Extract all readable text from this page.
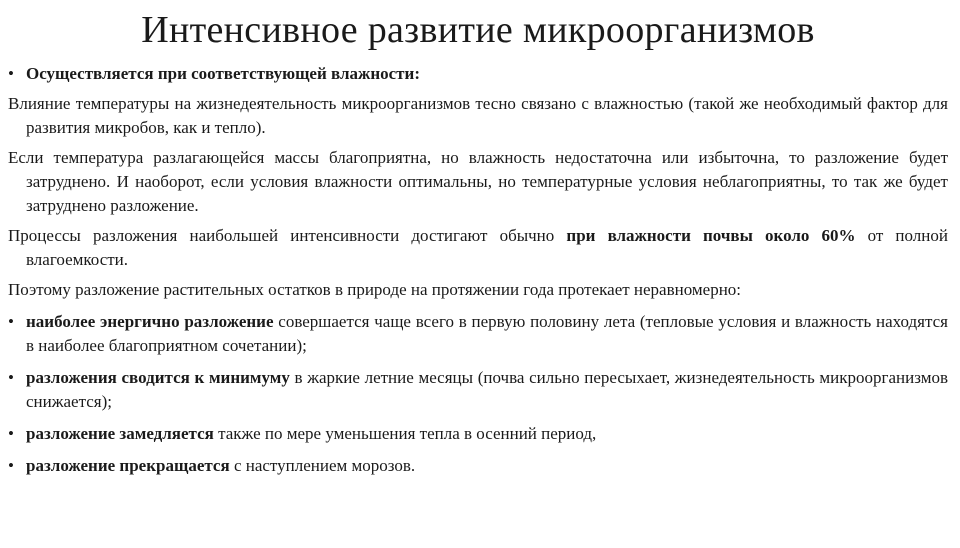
Интенсивное развитие микроорганизмов

• Осуществляется при соответствующей влажности:

Влияние температуры на жизнедеятельность микроорганизмов тесно связано с влажностью (такой же необходимый фактор для развития микробов, как и тепло).

Если температура разлагающейся массы благоприятна, но влажность недостаточна или избыточна, то разложение будет затруднено. И наоборот, если условия влажности оптимальны, но температурные условия неблагоприятны, то так же будет затруднено разложение.

Процессы разложения наибольшей интенсивности достигают обычно при влажности почвы около 60% от полной влагоемкости.

Поэтому разложение растительных остатков в природе на протяжении года протекает неравномерно:

• наиболее энергично разложение совершается чаще всего в первую половину лета (тепловые условия и влажность находятся в наиболее благоприятном сочетании);

• разложения сводится к минимуму в жаркие летние месяцы (почва сильно пересыхает, жизнедеятельность микроорганизмов снижается);

• разложение замедляется также по мере уменьшения тепла в осенний период,

• разложение прекращается с наступлением морозов.
